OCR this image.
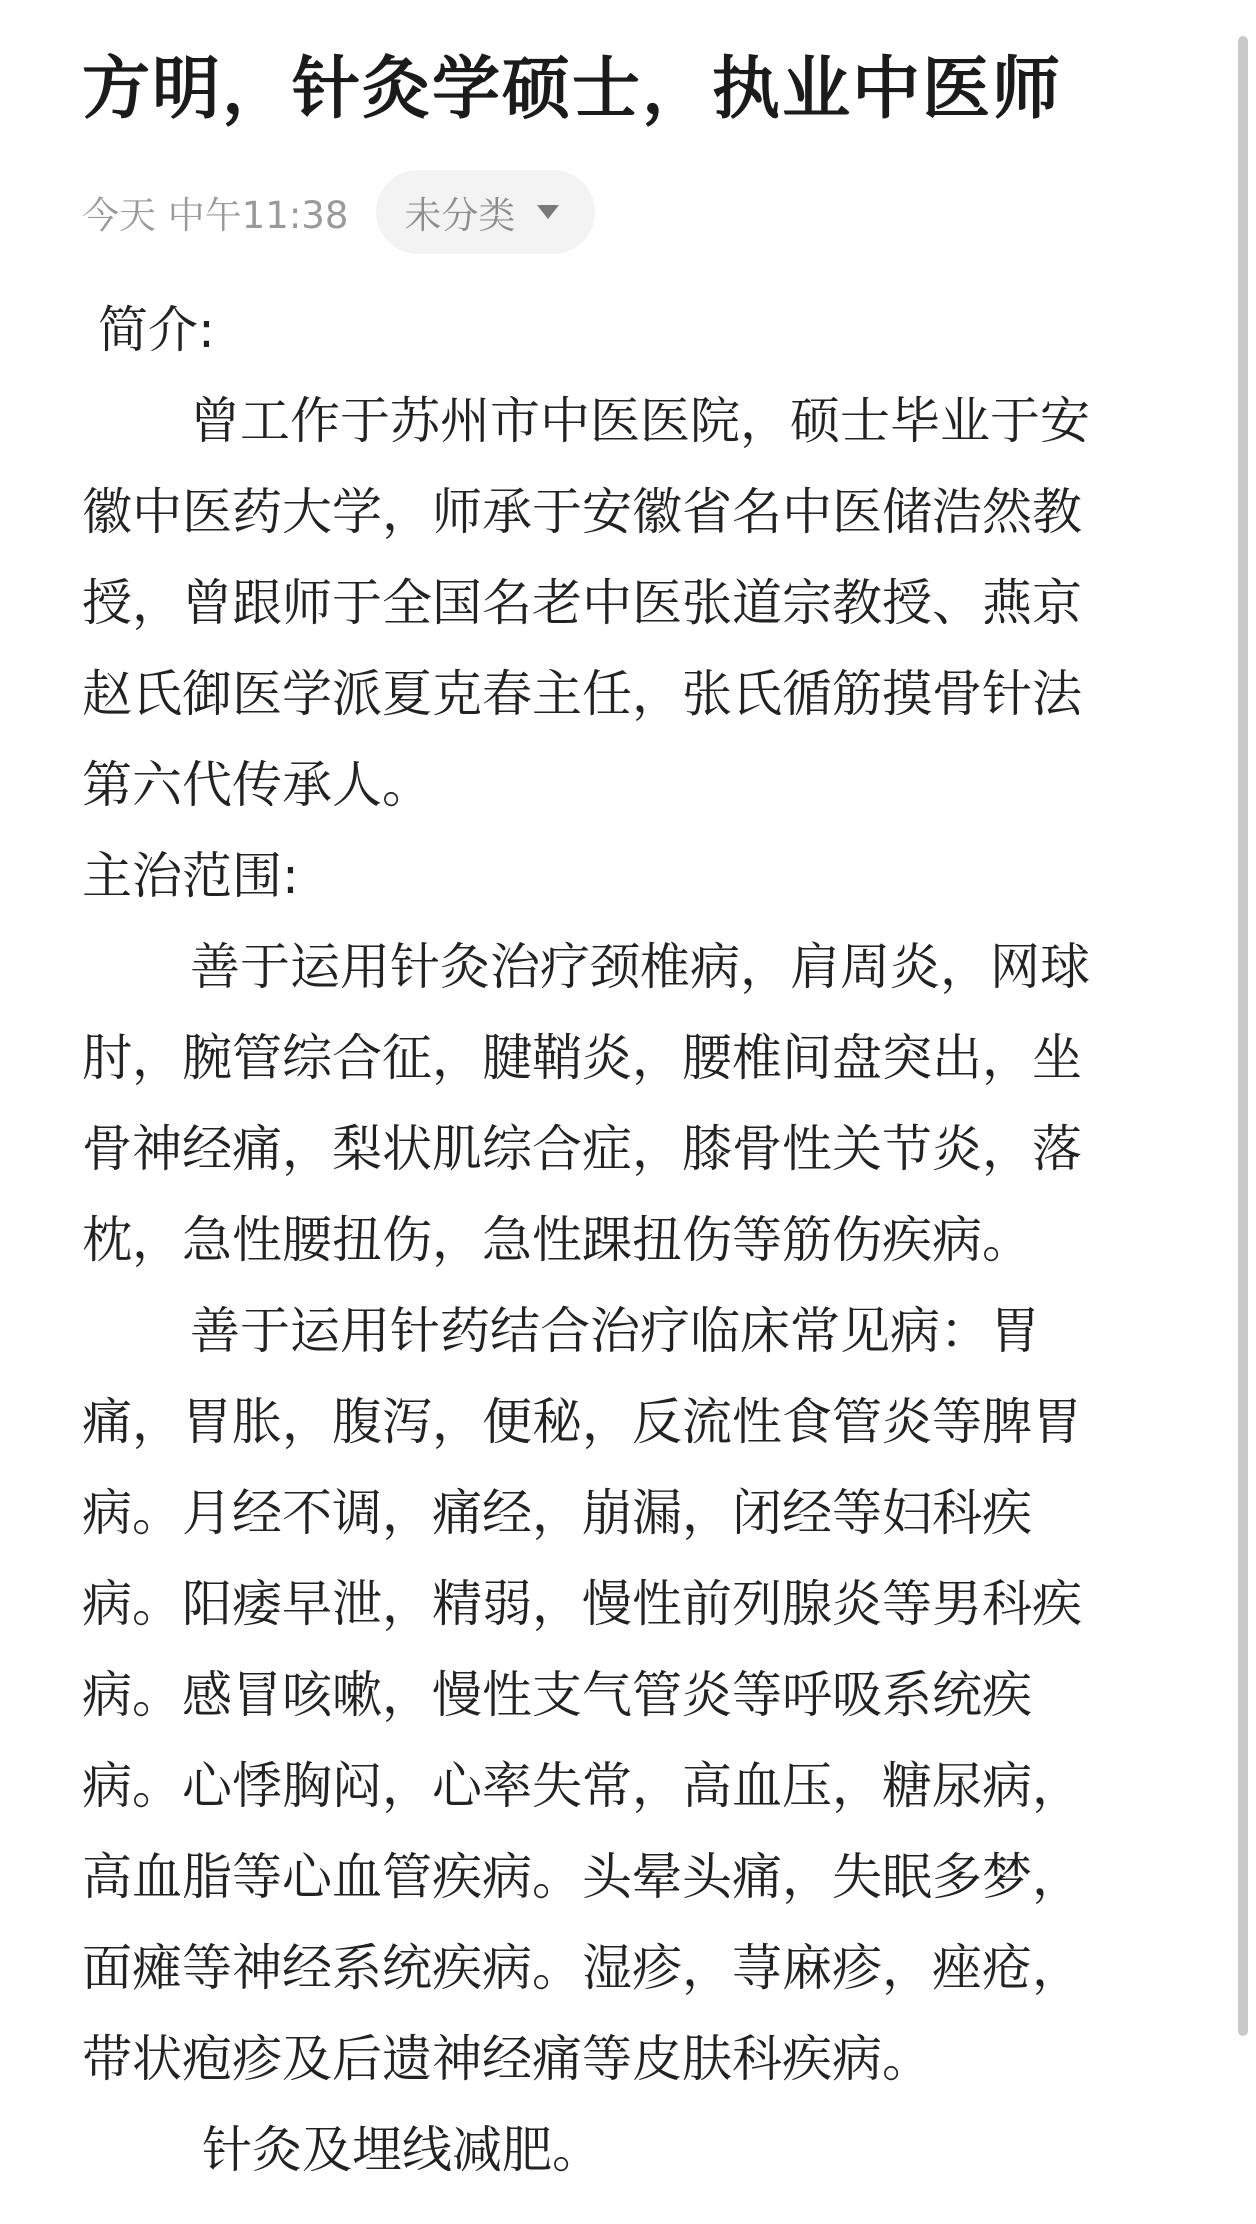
方明，针灸学硕士，执业中医师
今天 中午11:38 未分类

简介:

曾工作于苏州市中医医院，硕士毕业于安

徽中医药大学，师承于安徽省名中医储浩然教

授，曾跟师于全国名老中医张道宗教授、燕京

赵氏御医学派夏克春主任，张氏循筋摸骨针法

第六代传承人。

主治范围:

善于运用针灸治疗颈椎病，肩周炎，网球

肘，腕管综合征，腱鞘炎，腰椎间盘突出，坐

骨神经痛，梨状肌综合症，膝骨性关节炎，落

枕，急性腰扭伤，急性踝扭伤等筋伤疾病。

善于运用针药结合治疗临床常见病：胃

痛，胃胀，腹泻，便秘，反流性食管炎等脾胃

病。月经不调，痛经，崩漏，闭经等妇科疾

病。阳痿早泄，精弱，慢性前列腺炎等男科疾

病。感冒咳嗽，慢性支气管炎等呼吸系统疾

病。心悸胸闷，心率失常，高血压，糖尿病，

高血脂等心血管疾病。头晕头痛，失眠多梦，

面瘫等神经系统疾病。湿疹，荨麻疹，痤疮，

带状疱疹及后遗神经痛等皮肤科疾病。

针灸及埋线减肥。
